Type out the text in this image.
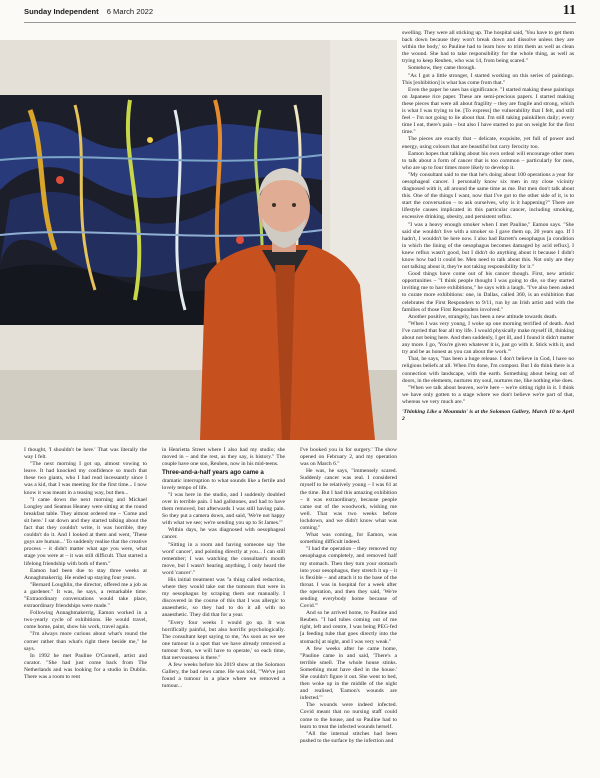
Sunday Independent 6 March 2022	11

swelling. They were all sticking up. The hospital said, 'You have to get them back down because they won't break down and dissolve unless they are within the body,' so Pauline had to learn how to trim them as well as clean the wound. She had to take responsibility for the whole thing, as well as trying to keep Reuben, who was 14, from being scared."

Somehow, they came through.

"As I got a little stronger, I started working on this series of paintings. This [exhibition] is what has come from that."

Even the paper he uses has significance. "I started making these paintings on Japanese rice paper. These are semi-precious papers. I started making these pieces that were all about fragility – they are fragile and strong, which is what I was trying to be. [To express] the vulnerability that I felt, and still feel – I'm not going to lie about that. I'm still taking painkillers daily; every time I eat, there's pain – but also I have started to put on weight for the first time."

The pieces are exactly that – delicate, exquisite, yet full of power and energy, using colours that are beautiful but carry ferocity too.

Eamon hopes that talking about his own ordeal will encourage other men to talk about a form of cancer that is too common – particularly for men, who are up to four times more likely to develop it.

"My consultant said to me that he's doing about 100 operations a year for oesophageal cancer. I personally know six men in my close vicinity diagnosed with it, all around the same time as me. But men don't talk about this. One of the things I want, now that I've got to the other side of it, is to start the conversation – to ask ourselves, why is it happening?" There are lifestyle causes implicated in this particular cancer, including smoking, excessive drinking, obesity, and persistent reflux.

"I was a heavy enough smoker when I met Pauline," Eamon says. "She said she wouldn't live with a smoker so I gave them up, 20 years ago. If I hadn't, I wouldn't be here now. I also had Barrett's oesophagus [a condition in which the lining of the oesophagus becomes damaged by acid reflux]. I knew reflux wasn't good, but I didn't do anything about it because I didn't know how bad it could be. Men need to talk about this. Not only are they not talking about it, they're not taking responsibility for it."

Good things have come out of his cancer though. First, new artistic opportunities – "I think people thought I was going to die, so they started inviting me to have exhibitions," he says with a laugh. "I've also been asked to curate more exhibitions: one, in Dallas, called 360, is an exhibition that celebrates the First Responders to 9/11, run by an Irish artist and with the families of those First Responders involved."

Another positive, strangely, has been a new attitude towards death.

"When I was very young, I woke up one morning terrified of death. And I've carried that fear all my life. I would physically make myself ill, thinking about not being here. And then suddenly, I get ill, and I found it didn't matter any more. I go, 'You're given whatever it is, just go with it. Stick with it, and try and be as honest as you can about the work.'"

That, he says, "has been a huge release. I don't believe in God, I have no religious beliefs at all. When I'm done, I'm compost. But I do think there is a connection with landscape, with the earth. Something about being out of doors, in the elements, nurtures my soul, nurtures me, like nothing else does.

"When we talk about heaven, we're here – we're sitting right in it. I think we have only gotten to a stage where we don't believe we're part of that, whereas we very much are."

'Thinking Like a Mountain' is at the Solomon Gallery, March 10 to April 2

I thought, 'I shouldn't be here.' That was literally the way I felt.

"The next morning I got up, almost vowing to leave. It had knocked my confidence so much that these two giants, who I had read incessantly since I was a kid, that I was meeting for the first time... I now know it was meant in a teasing way, but then...

"I came down the next morning and Michael Longley and Seamus Heaney were sitting at the round breakfast table. They almost ordered me – 'Come and sit here.' I sat down and they started talking about the fact that they couldn't write, it was horrible, they couldn't do it. And I looked at them and went, 'These guys are human...' To suddenly realise that the creative process – it didn't matter what age you were, what stage you were at – it was still difficult. That started a lifelong friendship with both of them."

Eamon had been due to stay three weeks at Annaghmakerrig. He ended up staying four years.

"Bernard Loughlin, the director, offered me a job as a gardener." It was, he says, a remarkable time. "Extraordinary conversations would take place, extraordinary friendships were made."

Following Annaghmakerrig, Eamon worked in a two-yearly cycle of exhibitions. He would travel, come home, paint, show his work, travel again.

"I'm always more curious about what's round the corner rather than what's right there beside me," he says.

In 1992 he met Pauline O'Connell, artist and curator. "She had just come back from The Netherlands and was looking for a studio in Dublin. There was a room to rent

in Henrietta Street where I also had my studio; she moved in – and the rest, as they say, is history." The couple have one son, Reuben, now in his mid-teens.

Three-and-a-half years ago came a

dramatic interruption to what sounds like a fertile and lovely tempo of life.

"I was here in the studio, and I suddenly doubled over in terrible pain. I had gallstones, and had to have them removed, but afterwards I was still having pain. So they put a camera down, and said, 'We're not happy with what we see; we're sending you up to St James.'"

Within days, he was diagnosed with oesophageal cancer.

"Sitting in a room and having someone say 'the word' cancer', and pointing directly at you... I can still remember; I was watching the consultant's mouth move, but I wasn't hearing anything, I only heard the word 'cancer'."

His initial treatment was "a thing called reduction, where they would take out the tumours that were in my oesophagus by scraping them out manually. I discovered in the course of this that I was allergic to anaesthetic, so they had to do it all with no anaesthetic. They did that for a year.

"Every four weeks I would go up. It was horrifically painful, but also horrific psychologically. The consultant kept saying to me, 'As soon as we see one tumour in a spot that we have already removed a tumour from, we will have to operate,' so each time, that nervousness is there."

A few weeks before his 2019 show at the Solomon Gallery, the bad news came. He was told, "'We've just found a tumour in a place where we removed a tumour...

I've booked you in for surgery.' The show opened on February 2, and my operation was on March 6."

He was, he says, "immensely scared. Suddenly cancer was real. I considered myself to be relatively young – I was 61 at the time. But I had this amazing exhibition – it was extraordinary, because people came out of the woodwork, wishing me well. That was two weeks before lockdown, and we didn't know what was coming."

What was coming, for Eamon, was something difficult indeed.

"I had the operation – they removed my oesophagus completely, and removed half my stomach. Then they turn your stomach into your oesophagus, they stretch it up – it is flexible – and attach it to the base of the throat. I was in hospital for a week after the operation, and then they said, 'We're sending everybody home because of Covid.'"

And so he arrived home, to Pauline and Reuben. "I had tubes coming out of me right, left and centre, I was being PEG-fed [a feeding tube that goes directly into the stomach] at night, and I was very weak."

A few weeks after he came home, "Pauline came in and said, 'There's a terrible smell. The whole house stinks. Something must have died in the house.' She couldn't figure it out. She went to bed, then woke up in the middle of the night and realised, 'Eamon's wounds are infected.'"

The wounds were indeed infected. Covid meant that no nursing staff could come to the house, and so Pauline had to learn to treat the infected wounds herself.

"All the internal stitches had been pushed to the surface by the infection and
